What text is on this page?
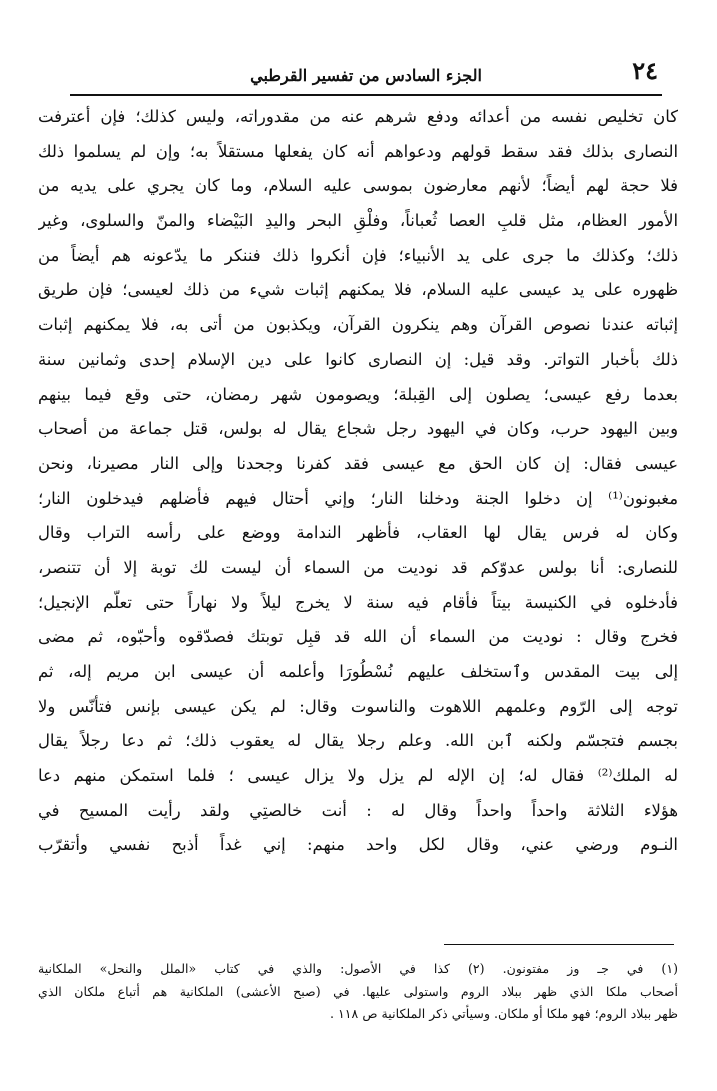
٢٤
الجزء السادس من تفسير القرطبي
كان تخليص نفسه من أعدائه ودفع شرهم عنه من مقدوراته، وليس كذلك؛ فإن أعترفت
النصارى بذلك فقد سقط قولهم ودعواهم أنه كان يفعلها مستقلاً به؛ وإن لم يسلموا ذلك
فلا حجة لهم أيضاً؛ لأنهم معارضون بموسى عليه السلام، وما كان يجري على يديه من
الأمور العظام، مثل قلبِ العصا ثُعباناً، وفلْقِ البحر واليدِ البَيْضاء والمنّ والسلوى، وغير
ذلك؛ وكذلك ما جرى على يد الأنبياء؛ فإن أنكروا ذلك فننكر ما يدّعونه هم أيضاً من
ظهوره على يد عيسى عليه السلام، فلا يمكنهم إثبات شيء من ذلك لعيسى؛ فإن طريق
إثباته عندنا نصوص القرآن وهم ينكرون القرآن، ويكذبون من أتى به، فلا يمكنهم إثبات
ذلك بأخبار التواتر. وقد قيل: إن النصارى كانوا على دين الإسلام إحدى وثمانين سنة
بعدما رفع عيسى؛ يصلون إلى القِبلة؛ ويصومون شهر رمضان، حتى وقع فيما بينهم
وبين اليهود حرب، وكان في اليهود رجل شجاع يقال له بولس، قتل جماعة من أصحاب
عيسى فقال: إن كان الحق مع عيسى فقد كفرنا وجحدنا وإلى النار مصيرنا، ونحن
مغبونون⁽¹⁾ إن دخلوا الجنة ودخلنا النار؛ وإني أحتال فيهم فأضلهم فيدخلون النار؛
وكان له فرس يقال لها العقاب، فأظهر الندامة ووضع على رأسه التراب وقال
للنصارى: أنا بولس عدوّكم قد نوديت من السماء أن ليست لك توبة إلا أن تتنصر،
فأدخلوه في الكنيسة بيتاً فأقام فيه سنة لا يخرج ليلاً ولا نهاراً حتى تعلّم الإنجيل؛
فخرج وقال : نوديت من السماء أن الله قد قبِل توبتك فصدّقوه وأحبّوه، ثم مضى
إلى بيت المقدس وٱستخلف عليهم نُسْطُورَا وأعلمه أن عيسى ابن مريم إله، ثم
توجه إلى الرّوم وعلمهم اللاهوت والناسوت وقال: لم يكن عيسى بإنس فتأنّس ولا
بجسم فتجسّم ولكنه ٱبن الله. وعلم رجلا يقال له يعقوب ذلك؛ ثم دعا رجلاً يقال
له الملك⁽²⁾ فقال له؛ إن الإله لم يزل ولا يزال عيسى ؛ فلما استمكن منهم دعا
هؤلاء الثلاثة واحداً واحداً وقال له : أنت خالصتِي ولقد رأيت المسيح في
النـوم ورضي عني، وقال لكل واحد منهم: إني غداً أذبح نفسي وأتقرّب
(١) في جـ وز مفتونون. (٢) كذا في الأصول: والذي في كتاب «الملل والنحل» الملكانية
أصحاب ملكا الذي ظهر ببلاد الروم واستولى عليها. في (صبح الأعشى) الملكانية هم أتباع ملكان الذي
ظهر ببلاد الروم؛ فهو ملكا أو ملكان. وسيأتي ذكر الملكانية ص ١١٨ .
